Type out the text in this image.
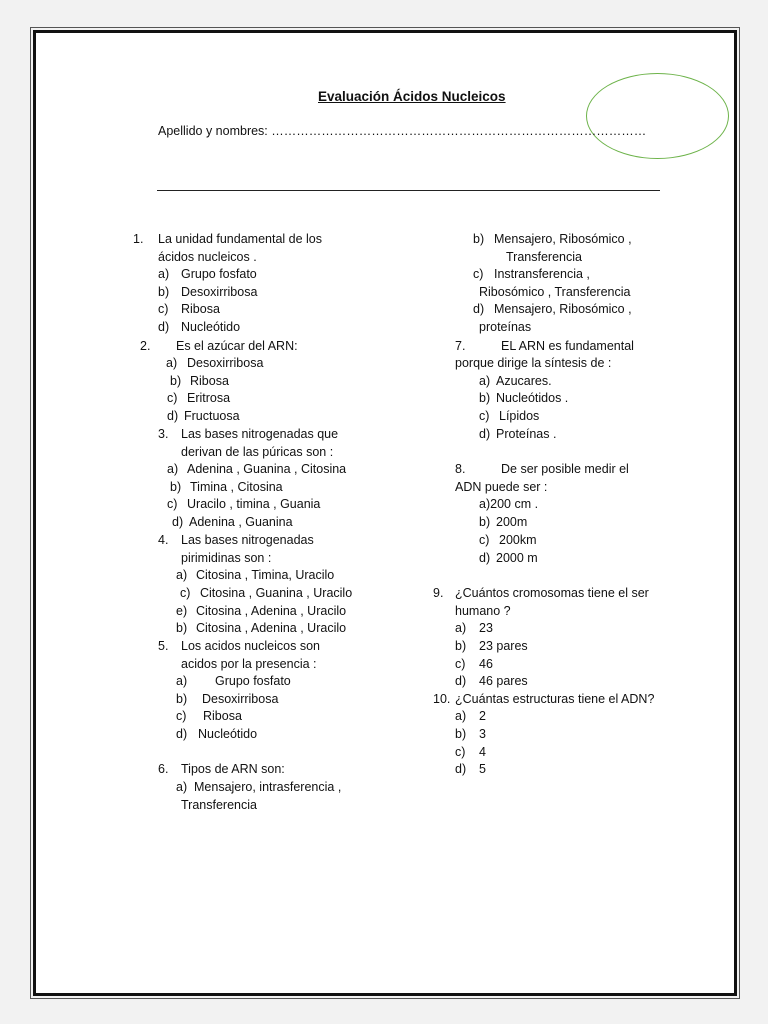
Evaluación Ácidos Nucleicos
Apellido y nombres: ………………………………………………………………………………
1. La unidad fundamental de los
ácidos nucleicos .
a) Grupo fosfato
b) Desoxirribosa
c) Ribosa
d) Nucleótido
2. Es el azúcar del ARN:
a) Desoxirribosa
b) Ribosa
c) Eritrosa
d) Fructuosa
3. Las bases nitrogenadas que
derivan de las púricas son :
a) Adenina , Guanina , Citosina
b) Timina , Citosina
c) Uracilo , timina , Guania
d) Adenina , Guanina
4. Las bases nitrogenadas
pirimidinas son :
a) Citosina , Timina, Uracilo
c) Citosina , Guanina , Uracilo
e) Citosina , Adenina , Uracilo
b) Citosina , Adenina , Uracilo
5. Los acidos nucleicos son
acidos por la presencia :
a) Grupo fosfato
b) Desoxirribosa
c) Ribosa
d) Nucleótido
6. Tipos de ARN son:
a) Mensajero, intrasferencia ,
Transferencia
b) Mensajero, Ribosómico ,
Transferencia
c) Instransferencia ,
Ribosómico , Transferencia
d) Mensajero, Ribosómico ,
proteínas
7.	EL ARN es fundamental
porque dirige la síntesis de :
a) Azucares.
b) Nucleótidos .
c) Lípidos
d) Proteínas .
8.	De ser posible medir el
ADN puede ser :
a)200 cm .
b) 200m
c) 200km
d) 2000 m
9. ¿Cuántos cromosomas tiene el ser
humano ?
a) 23
b) 23 pares
c) 46
d) 46 pares
10. ¿Cuántas estructuras tiene el ADN?
a) 2
b) 3
c) 4
d) 5
